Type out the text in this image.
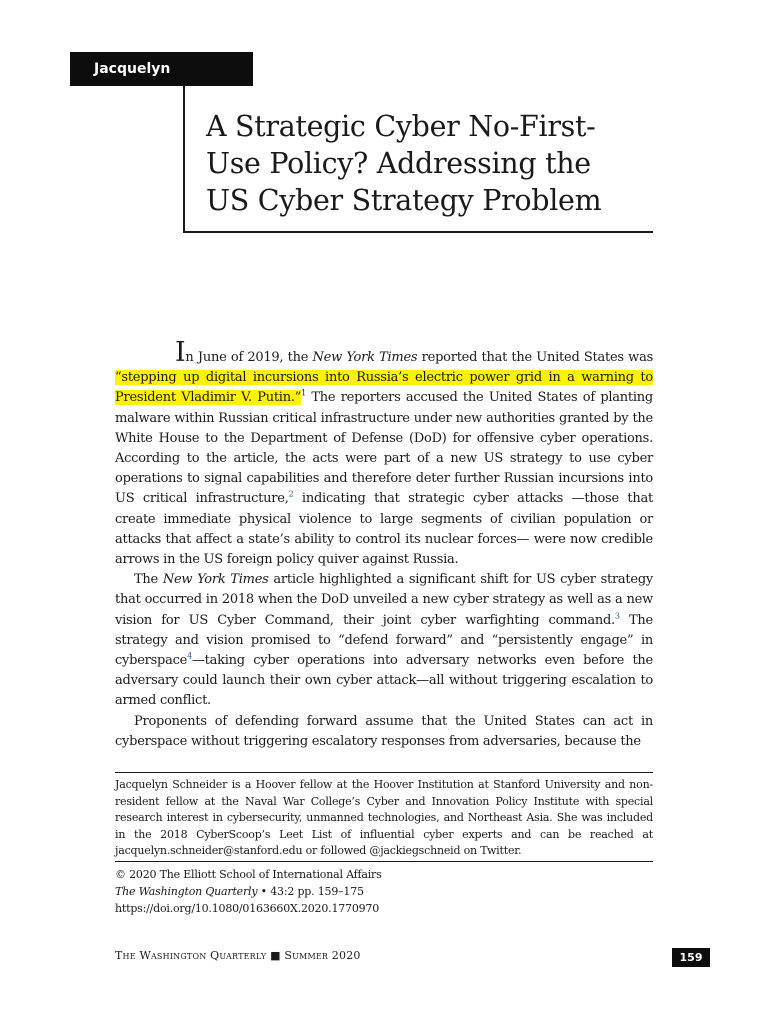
Jacquelyn Schneider
A Strategic Cyber No-First-
Use Policy? Addressing the
US Cyber Strategy Problem

In June of 2019, the New York Times reported that the United States was “stepping up digital incursions into Russia’s electric power grid in a warning to President Vladimir V. Putin.”$^1$ The reporters accused the United States of planting malware within Russian critical infrastructure under new authorities granted by the White House to the Department of Defense (DoD) for offensive cyber operations. According to the article, the acts were part of a new US strategy to use cyber operations to signal capabilities and therefore deter further Russian incursions into US critical infrastructure,$^2$ indicating that strategic cyber attacks —those that create immediate physical violence to large segments of civilian population or attacks that affect a state’s ability to control its nuclear forces— were now credible arrows in the US foreign policy quiver against Russia.

The New York Times article highlighted a significant shift for US cyber strategy that occurred in 2018 when the DoD unveiled a new cyber strategy as well as a new vision for US Cyber Command, their joint cyber warfighting command.$^3$ The strategy and vision promised to “defend forward” and “persistently engage” in cyberspace$^4$—taking cyber operations into adversary networks even before the adversary could launch their own cyber attack—all without triggering escalation to armed conflict.

Proponents of defending forward assume that the United States can act in cyberspace without triggering escalatory responses from adversaries, because the

Jacquelyn Schneider is a Hoover fellow at the Hoover Institution at Stanford University and non-resident fellow at the Naval War College’s Cyber and Innovation Policy Institute with special research interest in cybersecurity, unmanned technologies, and Northeast Asia. She was included in the 2018 CyberScoop’s Leet List of influential cyber experts and can be reached at jacquelyn.schneider@stanford.edu or followed @jackiegschneid on Twitter.

© 2020 The Elliott School of International Affairs
The Washington Quarterly • 43:2 pp. 159–175
https://doi.org/10.1080/0163660X.2020.1770970
The Washington Quarterly ■ Summer 2020	159
